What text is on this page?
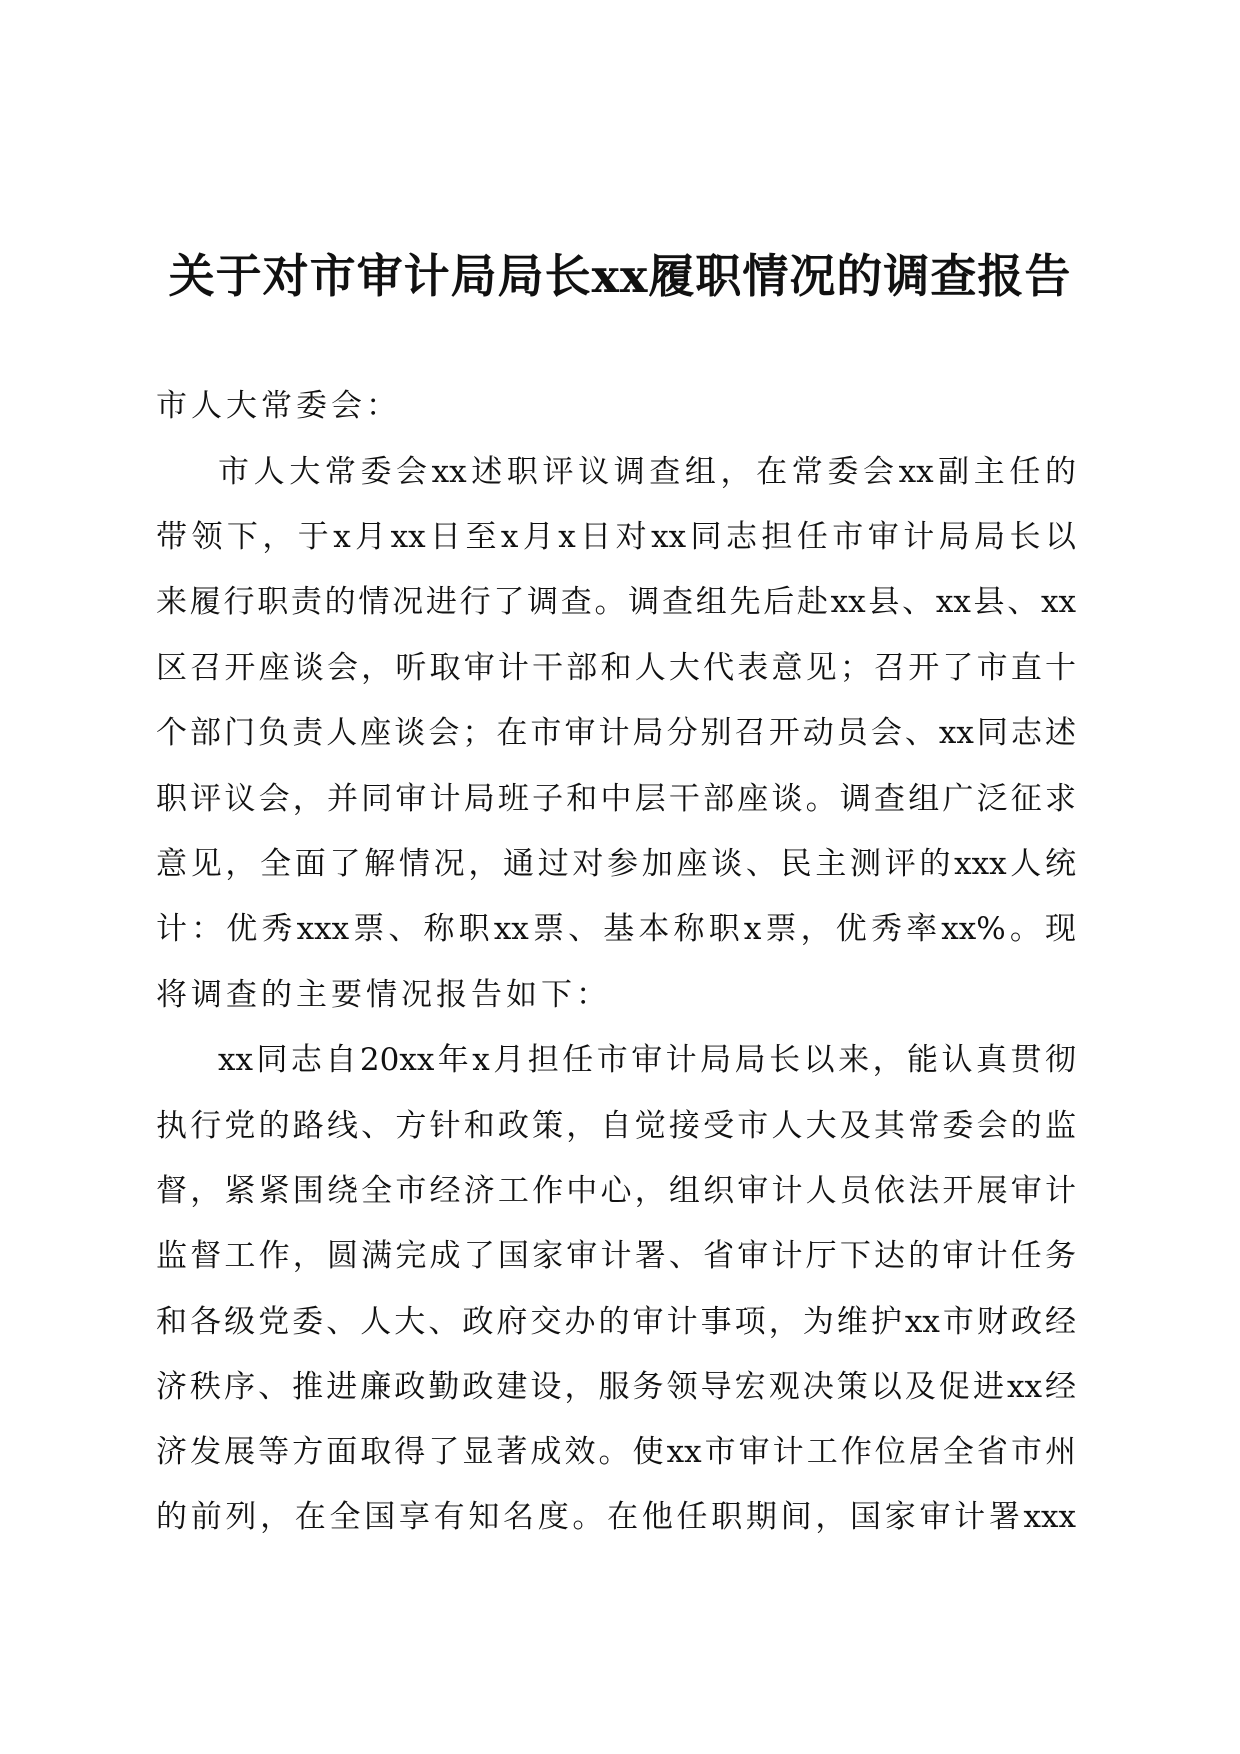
关于对市审计局局长xx履职情况的调查报告
市人大常委会：
市人大常委会xx述职评议调查组，在常委会xx副主任的
带领下，于x月xx日至x月x日对xx同志担任市审计局局长以
来履行职责的情况进行了调查。调查组先后赴xx县、xx县、xx
区召开座谈会，听取审计干部和人大代表意见；召开了市直十
个部门负责人座谈会；在市审计局分别召开动员会、xx同志述
职评议会，并同审计局班子和中层干部座谈。调查组广泛征求
意见，全面了解情况，通过对参加座谈、民主测评的xxx人统
计：优秀xxx票、称职xx票、基本称职x票，优秀率xx%。现
将调查的主要情况报告如下：
xx同志自20xx年x月担任市审计局局长以来，能认真贯彻
执行党的路线、方针和政策，自觉接受市人大及其常委会的监
督，紧紧围绕全市经济工作中心，组织审计人员依法开展审计
监督工作，圆满完成了国家审计署、省审计厅下达的审计任务
和各级党委、人大、政府交办的审计事项，为维护xx市财政经
济秩序、推进廉政勤政建设，服务领导宏观决策以及促进xx经
济发展等方面取得了显著成效。使xx市审计工作位居全省市州
的前列，在全国享有知名度。在他任职期间，国家审计署xxx
